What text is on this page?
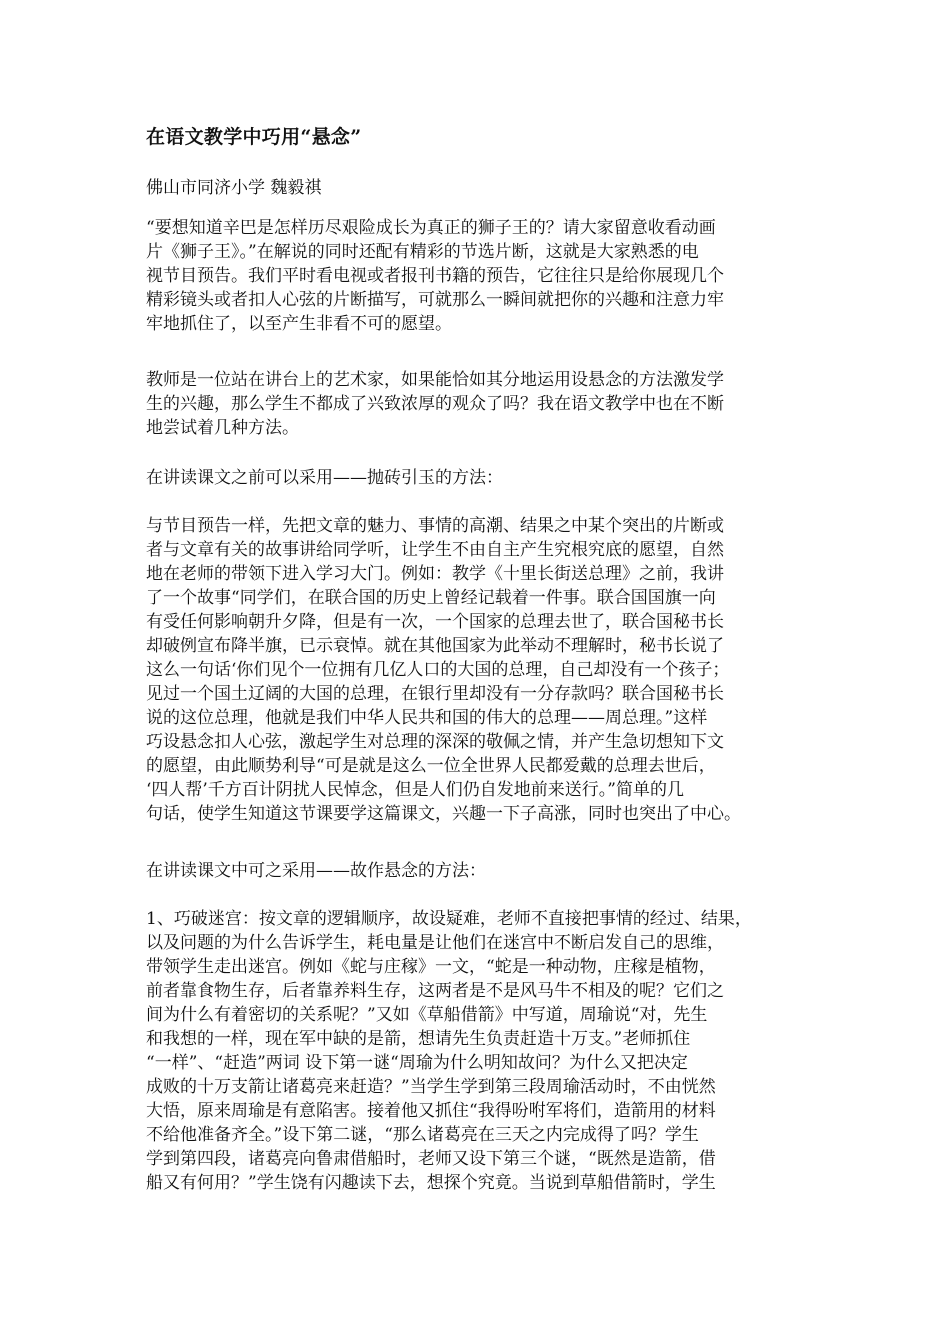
在语文教学中巧用“悬念”
佛山市同济小学 魏毅祺

“要想知道辛巴是怎样历尽艰险成长为真正的狮子王的？请大家留意收看动画
片《狮子王》。”在解说的同时还配有精彩的节选片断，这就是大家熟悉的电
视节目预告。我们平时看电视或者报刊书籍的预告，它往往只是给你展现几个
精彩镜头或者扣人心弦的片断描写，可就那么一瞬间就把你的兴趣和注意力牢
牢地抓住了，以至产生非看不可的愿望。

教师是一位站在讲台上的艺术家，如果能恰如其分地运用设悬念的方法激发学
生的兴趣，那么学生不都成了兴致浓厚的观众了吗？我在语文教学中也在不断
地尝试着几种方法。

在讲读课文之前可以采用——抛砖引玉的方法：

与节目预告一样，先把文章的魅力、事情的高潮、结果之中某个突出的片断或
者与文章有关的故事讲给同学听，让学生不由自主产生究根究底的愿望，自然
地在老师的带领下进入学习大门。例如：教学《十里长街送总理》之前，我讲
了一个故事“同学们，在联合国的历史上曾经记载着一件事。联合国国旗一向
有受任何影响朝升夕降，但是有一次，一个国家的总理去世了，联合国秘书长
却破例宣布降半旗，已示衰悼。就在其他国家为此举动不理解时，秘书长说了
这么一句话‘你们见个一位拥有几亿人口的大国的总理，自己却没有一个孩子；
见过一个国土辽阔的大国的总理，在银行里却没有一分存款吗？联合国秘书长
说的这位总理，他就是我们中华人民共和国的伟大的总理——周总理。”这样
巧设悬念扣人心弦，激起学生对总理的深深的敬佩之情，并产生急切想知下文
的愿望，由此顺势利导“可是就是这么一位全世界人民都爱戴的总理去世后，
‘四人帮’千方百计阴扰人民悼念，但是人们仍自发地前来送行。”简单的几
句话，使学生知道这节课要学这篇课文，兴趣一下子高涨，同时也突出了中心。

在讲读课文中可之采用——故作悬念的方法：

1、巧破迷宫：按文章的逻辑顺序，故设疑难，老师不直接把事情的经过、结果，
以及问题的为什么告诉学生，耗电量是让他们在迷宫中不断启发自己的思维，
带领学生走出迷宫。例如《蛇与庄稼》一文，“蛇是一种动物，庄稼是植物，
前者靠食物生存，后者靠养料生存，这两者是不是风马牛不相及的呢？它们之
间为什么有着密切的关系呢？”又如《草船借箭》中写道，周瑜说“对，先生
和我想的一样，现在军中缺的是箭，想请先生负责赶造十万支。”老师抓住
“一样”、“赶造”两词 设下第一谜“周瑜为什么明知故问？为什么又把决定
成败的十万支箭让诸葛亮来赶造？”当学生学到第三段周瑜活动时，不由恍然
大悟，原来周瑜是有意陷害。接着他又抓住“我得吩咐军将们，造箭用的材料
不给他准备齐全。”设下第二谜，“那么诸葛亮在三天之内完成得了吗？学生
学到第四段，诸葛亮向鲁肃借船时，老师又设下第三个谜，“既然是造箭，借
船又有何用？”学生饶有闪趣读下去，想探个究竟。当说到草船借箭时，学生
